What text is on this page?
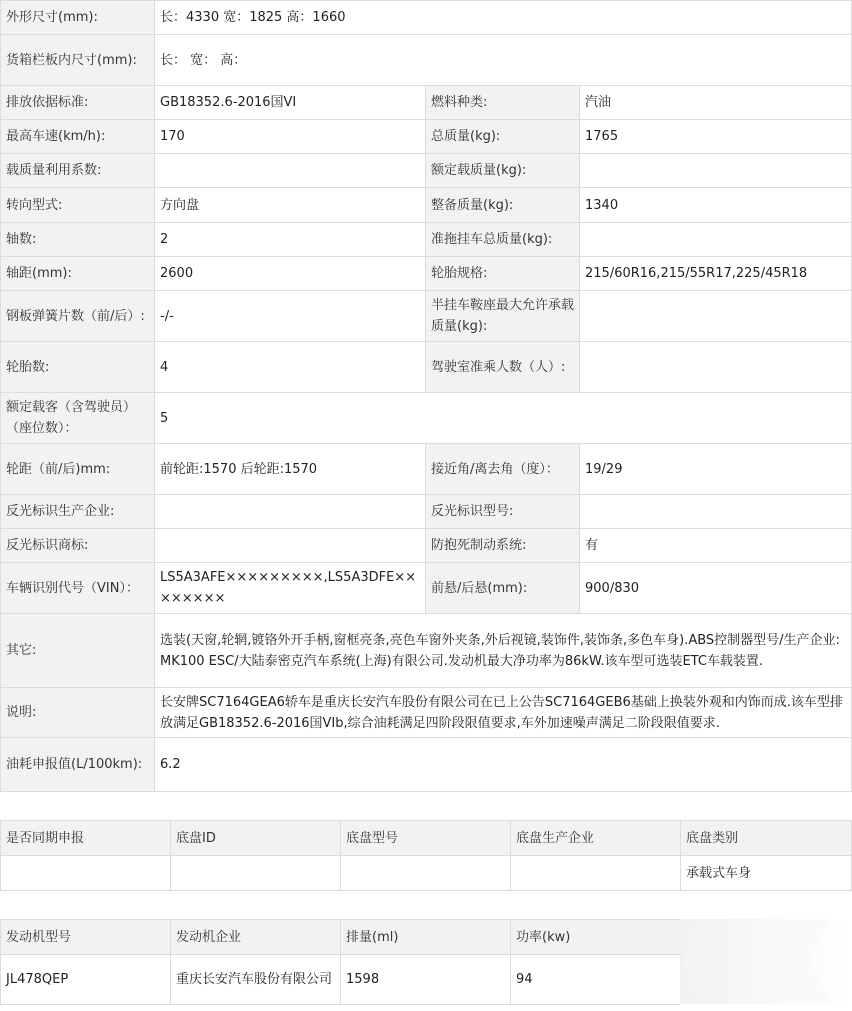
外形尺寸(mm):	长：4330 宽：1825 高：1660		
货箱栏板内尺寸(mm):	长： 宽： 高：		
排放依据标准:	GB18352.6-2016国VI	燃料种类:	汽油
最高车速(km/h):	170	总质量(kg):	1765
载质量利用系数:		额定载质量(kg):	
转向型式:	方向盘	整备质量(kg):	1340
轴数:	2	准拖挂车总质量(kg):	
轴距(mm):	2600	轮胎规格:	215/60R16,215/55R17,225/45R18
钢板弹簧片数（前/后）:	-/-	半挂车鞍座最大允许承载质量(kg):	
轮胎数:	4	驾驶室准乘人数（人）:	
额定载客（含驾驶员）（座位数）：	5		
轮距（前/后)mm:	前轮距:1570 后轮距:1570	接近角/离去角（度）：	19/29
反光标识生产企业:		反光标识型号:	
反光标识商标:		防抱死制动系统:	有
车辆识别代号（VIN）：	LS5A3AFE×××××××××,LS5A3DFE××××××××	前悬/后悬(mm):	900/830
其它:	选装(天窗,轮辋,镀铬外开手柄,窗框亮条,亮色车窗外夹条,外后视镜,装饰件,装饰条,多色车身).ABS控制器型号/生产企业:MK100 ESC/大陆泰密克汽车系统(上海)有限公司.发动机最大净功率为86kW.该车型可选装ETC车载装置.		
说明:	长安牌SC7164GEA6轿车是重庆长安汽车股份有限公司在已上公告SC7164GEB6基础上换装外观和内饰而成.该车型排放满足GB18352.6-2016国VIb,综合油耗满足四阶段限值要求,车外加速噪声满足二阶段限值要求.		
油耗申报值(L/100km):	6.2		
是否同期申报	底盘ID	底盘型号	底盘生产企业	底盘类别
				承载式车身
发动机型号	发动机企业	排量(ml)	功率(kw)
JL478QEP	重庆长安汽车股份有限公司	1598	94
